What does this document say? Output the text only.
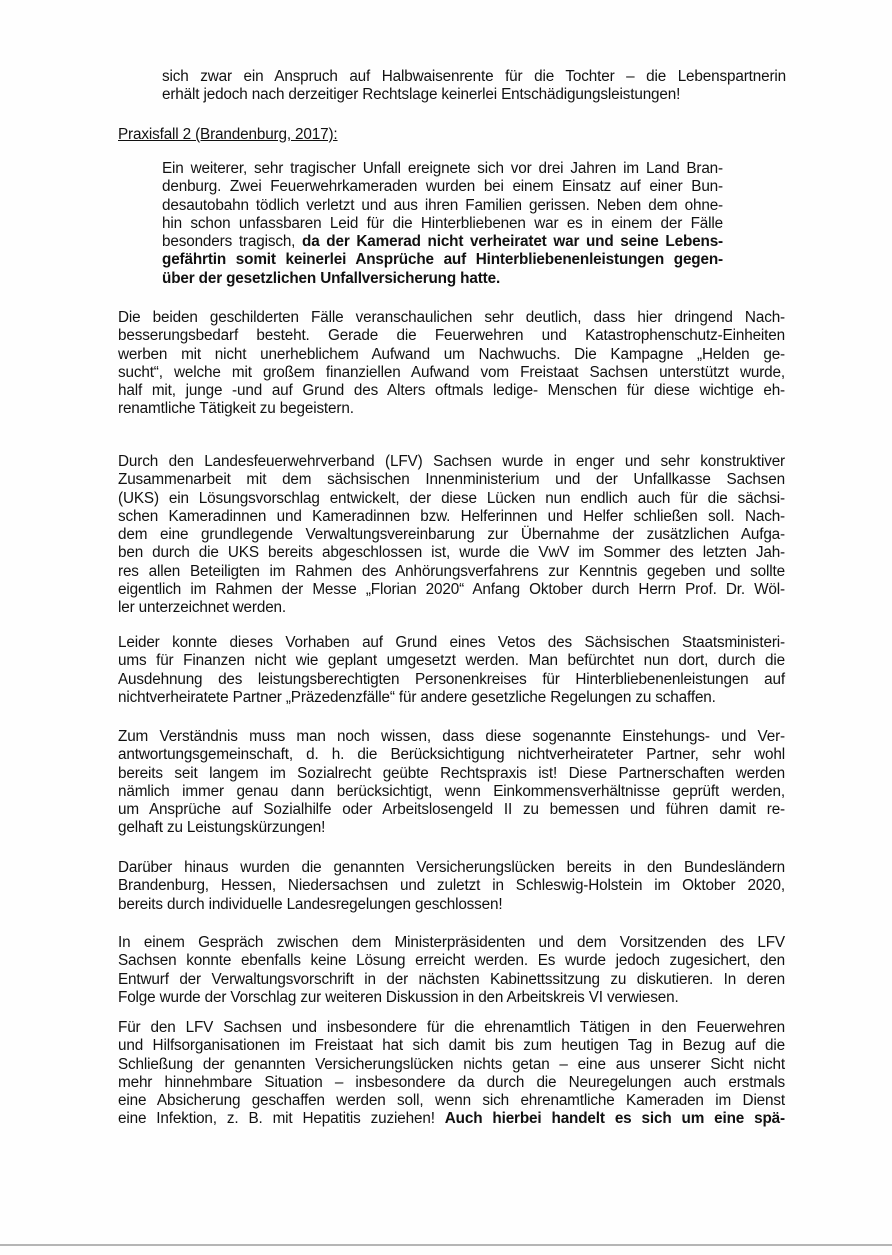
sich zwar ein Anspruch auf Halbwaisenrente für die Tochter – die Lebenspartnerin
erhält jedoch nach derzeitiger Rechtslage keinerlei Entschädigungsleistungen!
Praxisfall 2 (Brandenburg, 2017):
Ein weiterer, sehr tragischer Unfall ereignete sich vor drei Jahren im Land Bran-
denburg. Zwei Feuerwehrkameraden wurden bei einem Einsatz auf einer Bun-
desautobahn tödlich verletzt und aus ihren Familien gerissen. Neben dem ohne-
hin schon unfassbaren Leid für die Hinterbliebenen war es in einem der Fälle
besonders tragisch, da der Kamerad nicht verheiratet war und seine Lebens-
gefährtin somit keinerlei Ansprüche auf Hinterbliebenenleistungen gegen-
über der gesetzlichen Unfallversicherung hatte.
Die beiden geschilderten Fälle veranschaulichen sehr deutlich, dass hier dringend Nach-
besserungsbedarf besteht. Gerade die Feuerwehren und Katastrophenschutz-Einheiten
werben mit nicht unerheblichem Aufwand um Nachwuchs. Die Kampagne „Helden ge-
sucht“, welche mit großem finanziellen Aufwand vom Freistaat Sachsen unterstützt wurde,
half mit, junge -und auf Grund des Alters oftmals ledige- Menschen für diese wichtige eh-
renamtliche Tätigkeit zu begeistern.
Durch den Landesfeuerwehrverband (LFV) Sachsen wurde in enger und sehr konstruktiver
Zusammenarbeit mit dem sächsischen Innenministerium und der Unfallkasse Sachsen
(UKS) ein Lösungsvorschlag entwickelt, der diese Lücken nun endlich auch für die sächsi-
schen Kameradinnen und Kameradinnen bzw. Helferinnen und Helfer schließen soll. Nach-
dem eine grundlegende Verwaltungsvereinbarung zur Übernahme der zusätzlichen Aufga-
ben durch die UKS bereits abgeschlossen ist, wurde die VwV im Sommer des letzten Jah-
res allen Beteiligten im Rahmen des Anhörungsverfahrens zur Kenntnis gegeben und sollte
eigentlich im Rahmen der Messe „Florian 2020“ Anfang Oktober durch Herrn Prof. Dr. Wöl-
ler unterzeichnet werden.
Leider konnte dieses Vorhaben auf Grund eines Vetos des Sächsischen Staatsministeri-
ums für Finanzen nicht wie geplant umgesetzt werden. Man befürchtet nun dort, durch die
Ausdehnung des leistungsberechtigten Personenkreises für Hinterbliebenenleistungen auf
nichtverheiratete Partner „Präzedenzfälle“ für andere gesetzliche Regelungen zu schaffen.
Zum Verständnis muss man noch wissen, dass diese sogenannte Einstehungs- und Ver-
antwortungsgemeinschaft, d. h. die Berücksichtigung nichtverheirateter Partner, sehr wohl
bereits seit langem im Sozialrecht geübte Rechtspraxis ist! Diese Partnerschaften werden
nämlich immer genau dann berücksichtigt, wenn Einkommensverhältnisse geprüft werden,
um Ansprüche auf Sozialhilfe oder Arbeitslosengeld II zu bemessen und führen damit re-
gelhaft zu Leistungskürzungen!
Darüber hinaus wurden die genannten Versicherungslücken bereits in den Bundesländern
Brandenburg, Hessen, Niedersachsen und zuletzt in Schleswig-Holstein im Oktober 2020,
bereits durch individuelle Landesregelungen geschlossen!
In einem Gespräch zwischen dem Ministerpräsidenten und dem Vorsitzenden des LFV
Sachsen konnte ebenfalls keine Lösung erreicht werden. Es wurde jedoch zugesichert, den
Entwurf der Verwaltungsvorschrift in der nächsten Kabinettssitzung zu diskutieren. In deren
Folge wurde der Vorschlag zur weiteren Diskussion in den Arbeitskreis VI verwiesen.
Für den LFV Sachsen und insbesondere für die ehrenamtlich Tätigen in den Feuerwehren
und Hilfsorganisationen im Freistaat hat sich damit bis zum heutigen Tag in Bezug auf die
Schließung der genannten Versicherungslücken nichts getan – eine aus unserer Sicht nicht
mehr hinnehmbare Situation – insbesondere da durch die Neuregelungen auch erstmals
eine Absicherung geschaffen werden soll, wenn sich ehrenamtliche Kameraden im Dienst
eine Infektion, z. B. mit Hepatitis zuziehen! Auch hierbei handelt es sich um eine spä-
